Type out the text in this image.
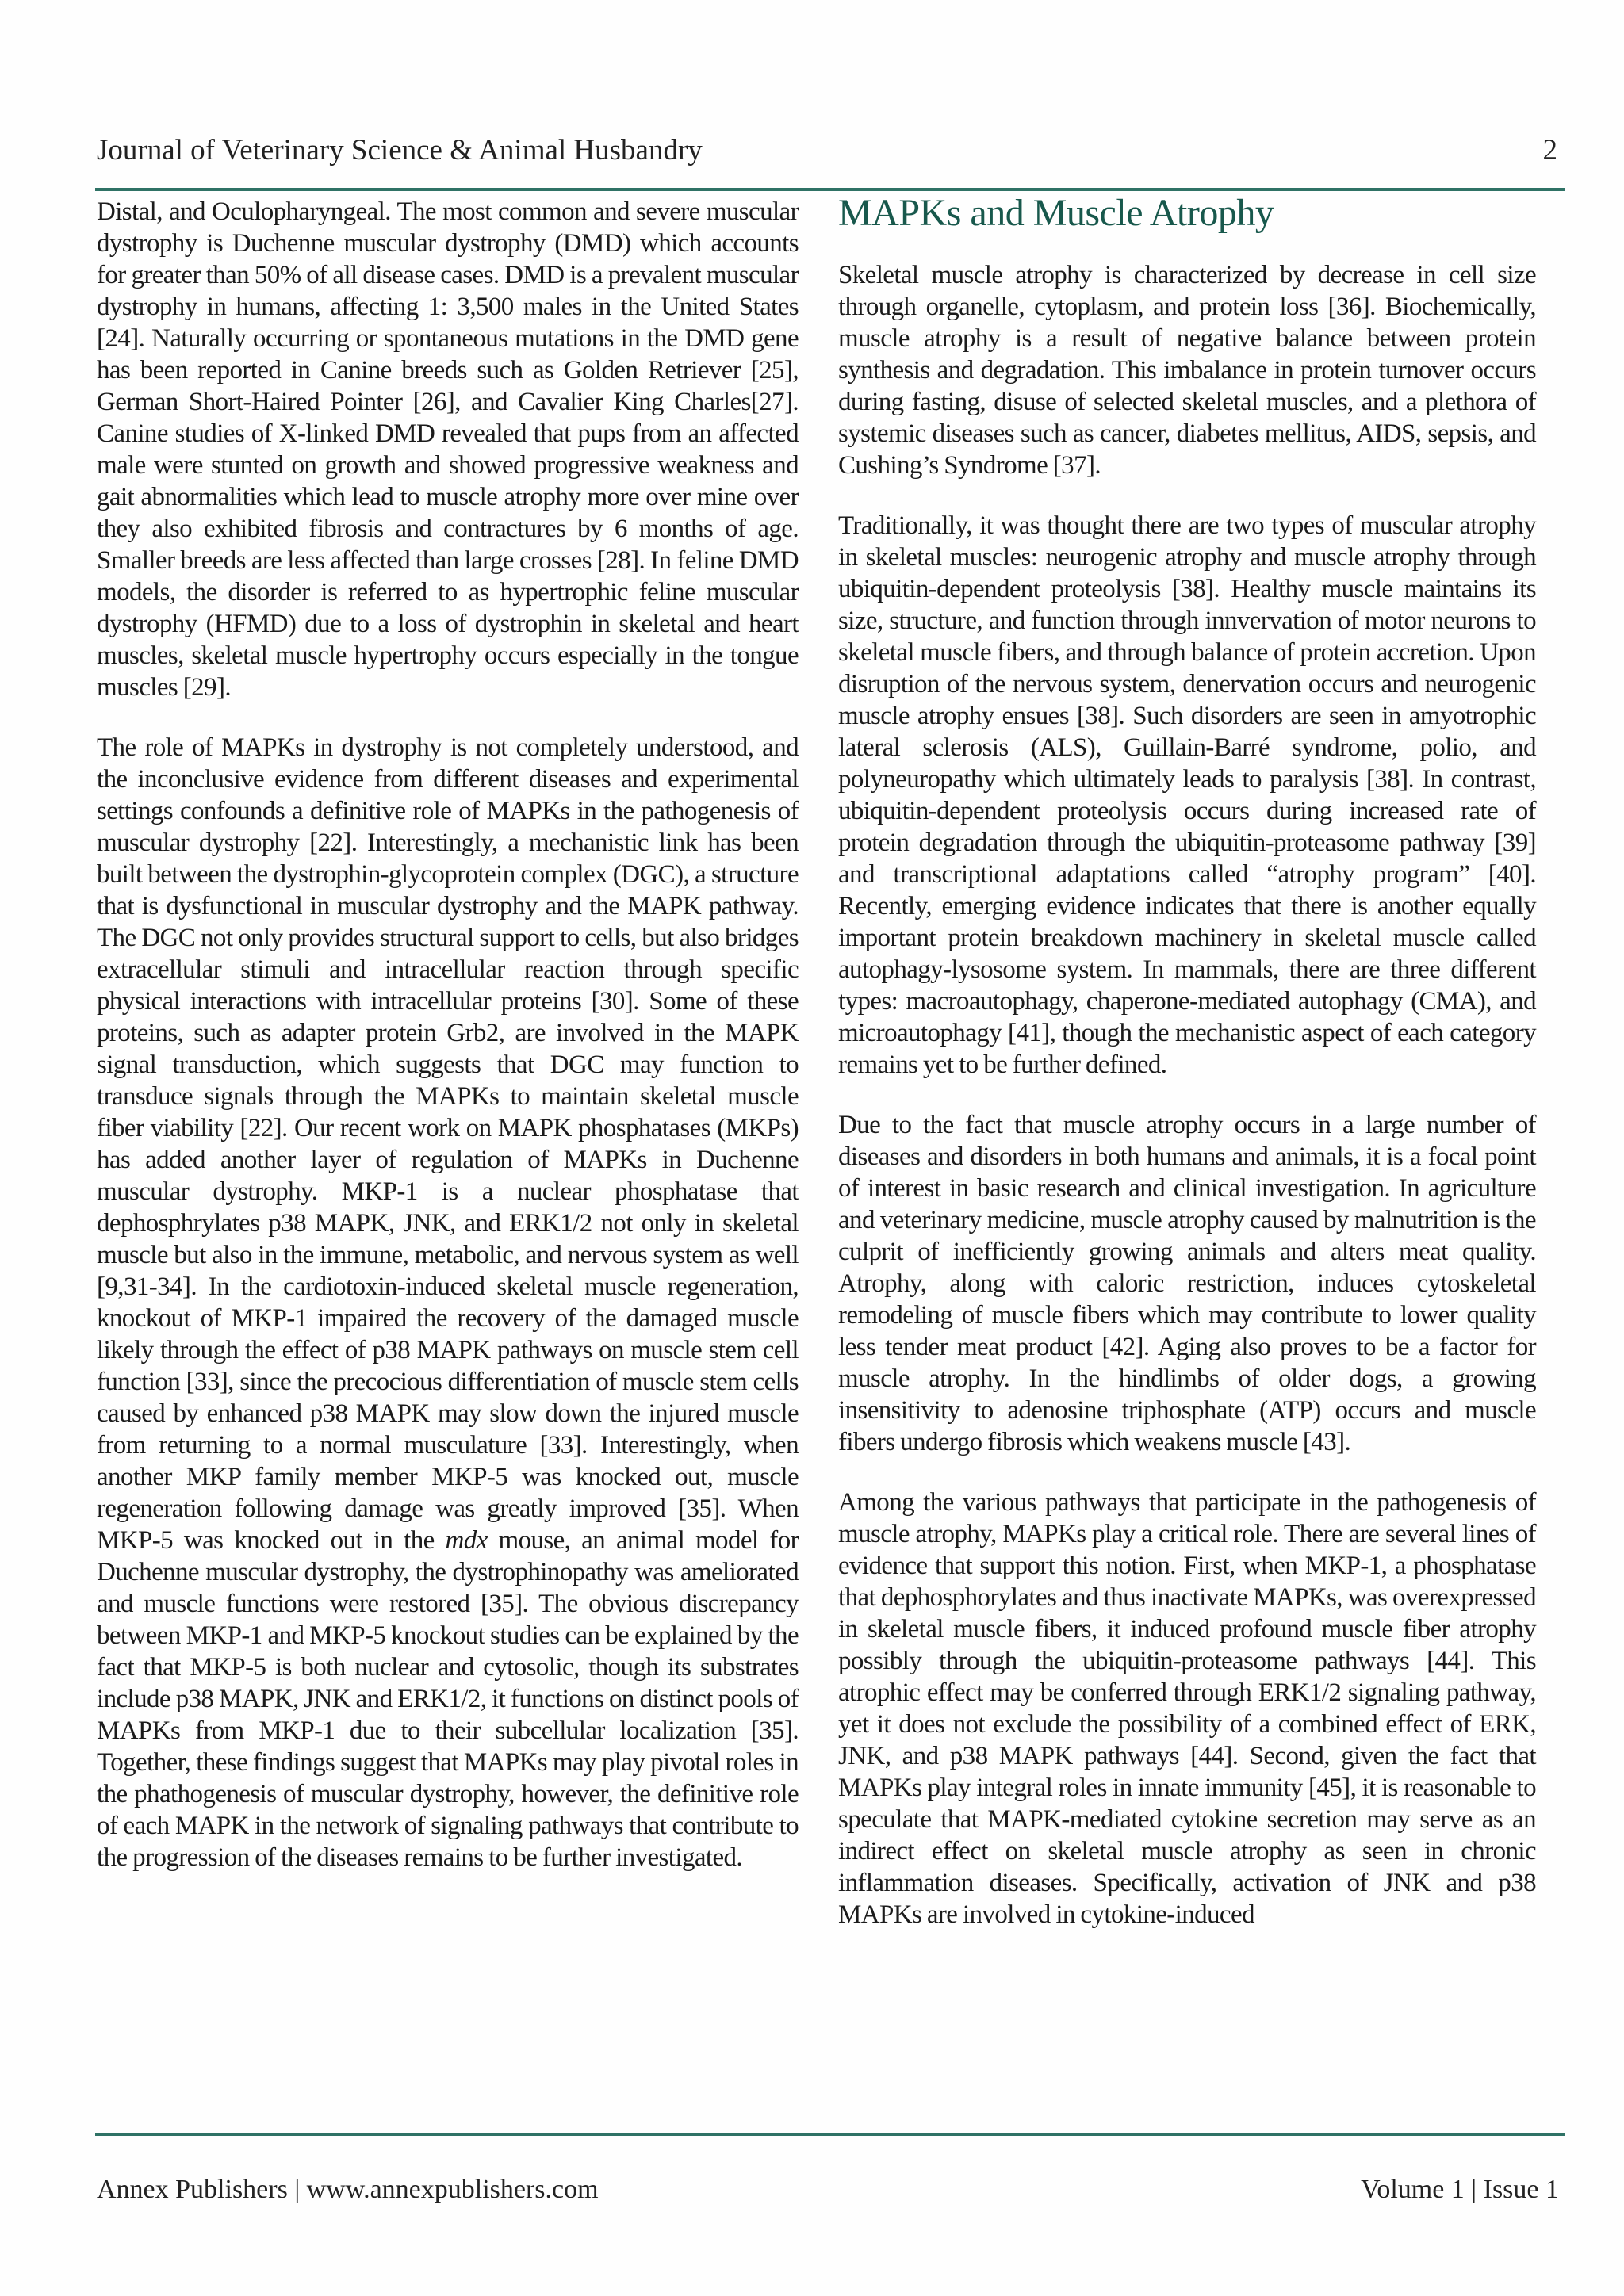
Journal of Veterinary Science & Animal Husbandry	2

Distal, and Oculopharyngeal. The most common and severe muscular dystrophy is Duchenne muscular dystrophy (DMD) which accounts for greater than 50% of all disease cases. DMD is a prevalent muscular dystrophy in humans, affecting 1: 3,500 males in the United States [24]. Naturally occurring or spontaneous mutations in the DMD gene has been reported in Canine breeds such as Golden Retriever [25], German Short-Haired Pointer [26], and Cavalier King Charles[27]. Canine studies of X-linked DMD revealed that pups from an affected male were stunted on growth and showed progressive weakness and gait abnormalities which lead to muscle atrophy more over mine over they also exhibited fibrosis and contractures by 6 months of age. Smaller breeds are less affected than large crosses [28]. In feline DMD models, the disorder is referred to as hypertrophic feline muscular dystrophy (HFMD) due to a loss of dystrophin in skeletal and heart muscles, skeletal muscle hypertrophy occurs especially in the tongue muscles [29].

The role of MAPKs in dystrophy is not completely understood, and the inconclusive evidence from different diseases and experimental settings confounds a definitive role of MAPKs in the pathogenesis of muscular dystrophy [22]. Interestingly, a mechanistic link has been built between the dystrophin-glycoprotein complex (DGC), a structure that is dysfunctional in muscular dystrophy and the MAPK pathway. The DGC not only provides structural support to cells, but also bridges extracellular stimuli and intracellular reaction through specific physical interactions with intracellular proteins [30]. Some of these proteins, such as adapter protein Grb2, are involved in the MAPK signal transduction, which suggests that DGC may function to transduce signals through the MAPKs to maintain skeletal muscle fiber viability [22]. Our recent work on MAPK phosphatases (MKPs) has added another layer of regulation of MAPKs in Duchenne muscular dystrophy. MKP-1 is a nuclear phosphatase that dephosphrylates p38 MAPK, JNK, and ERK1/2 not only in skeletal muscle but also in the immune, metabolic, and nervous system as well [9,31-34]. In the cardiotoxin-induced skeletal muscle regeneration, knockout of MKP-1 impaired the recovery of the damaged muscle likely through the effect of p38 MAPK pathways on muscle stem cell function [33], since the precocious differentiation of muscle stem cells caused by enhanced p38 MAPK may slow down the injured muscle from returning to a normal musculature [33]. Interestingly, when another MKP family member MKP-5 was knocked out, muscle regeneration following damage was greatly improved [35]. When MKP-5 was knocked out in the mdx mouse, an animal model for Duchenne muscular dystrophy, the dystrophinopathy was ameliorated and muscle functions were restored [35]. The obvious discrepancy between MKP-1 and MKP-5 knockout studies can be explained by the fact that MKP-5 is both nuclear and cytosolic, though its substrates include p38 MAPK, JNK and ERK1/2, it functions on distinct pools of MAPKs from MKP-1 due to their subcellular localization [35]. Together, these findings suggest that MAPKs may play pivotal roles in the phathogenesis of muscular dystrophy, however, the definitive role of each MAPK in the network of signaling pathways that contribute to the progression of the diseases remains to be further investigated.

MAPKs and Muscle Atrophy

Skeletal muscle atrophy is characterized by decrease in cell size through organelle, cytoplasm, and protein loss [36]. Biochemically, muscle atrophy is a result of negative balance between protein synthesis and degradation. This imbalance in protein turnover occurs during fasting, disuse of selected skeletal muscles, and a plethora of systemic diseases such as cancer, diabetes mellitus, AIDS, sepsis, and Cushing’s Syndrome [37].

Traditionally, it was thought there are two types of muscular atrophy in skeletal muscles: neurogenic atrophy and muscle atrophy through ubiquitin-dependent proteolysis [38]. Healthy muscle maintains its size, structure, and function through innvervation of motor neurons to skeletal muscle fibers, and through balance of protein accretion. Upon disruption of the nervous system, denervation occurs and neurogenic muscle atrophy ensues [38]. Such disorders are seen in amyotrophic lateral sclerosis (ALS), Guillain-Barré syndrome, polio, and polyneuropathy which ultimately leads to paralysis [38]. In contrast, ubiquitin-dependent proteolysis occurs during increased rate of protein degradation through the ubiquitin-proteasome pathway [39] and transcriptional adaptations called “atrophy program” [40]. Recently, emerging evidence indicates that there is another equally important protein breakdown machinery in skeletal muscle called autophagy-lysosome system. In mammals, there are three different types: macroautophagy, chaperone-mediated autophagy (CMA), and microautophagy [41], though the mechanistic aspect of each category remains yet to be further defined.

Due to the fact that muscle atrophy occurs in a large number of diseases and disorders in both humans and animals, it is a focal point of interest in basic research and clinical investigation. In agriculture and veterinary medicine, muscle atrophy caused by malnutrition is the culprit of inefficiently growing animals and alters meat quality. Atrophy, along with caloric restriction, induces cytoskeletal remodeling of muscle fibers which may contribute to lower quality less tender meat product [42]. Aging also proves to be a factor for muscle atrophy. In the hindlimbs of older dogs, a growing insensitivity to adenosine triphosphate (ATP) occurs and muscle fibers undergo fibrosis which weakens muscle [43].

Among the various pathways that participate in the pathogenesis of muscle atrophy, MAPKs play a critical role. There are several lines of evidence that support this notion. First, when MKP-1, a phosphatase that dephosphorylates and thus inactivate MAPKs, was overexpressed in skeletal muscle fibers, it induced profound muscle fiber atrophy possibly through the ubiquitin-proteasome pathways [44]. This atrophic effect may be conferred through ERK1/2 signaling pathway, yet it does not exclude the possibility of a combined effect of ERK, JNK, and p38 MAPK pathways [44]. Second, given the fact that MAPKs play integral roles in innate immunity [45], it is reasonable to speculate that MAPK-mediated cytokine secretion may serve as an indirect effect on skeletal muscle atrophy as seen in chronic inflammation diseases. Specifically, activation of JNK and p38 MAPKs are involved in cytokine-induced

Annex Publishers | www.annexpublishers.com	Volume 1 | Issue 1
